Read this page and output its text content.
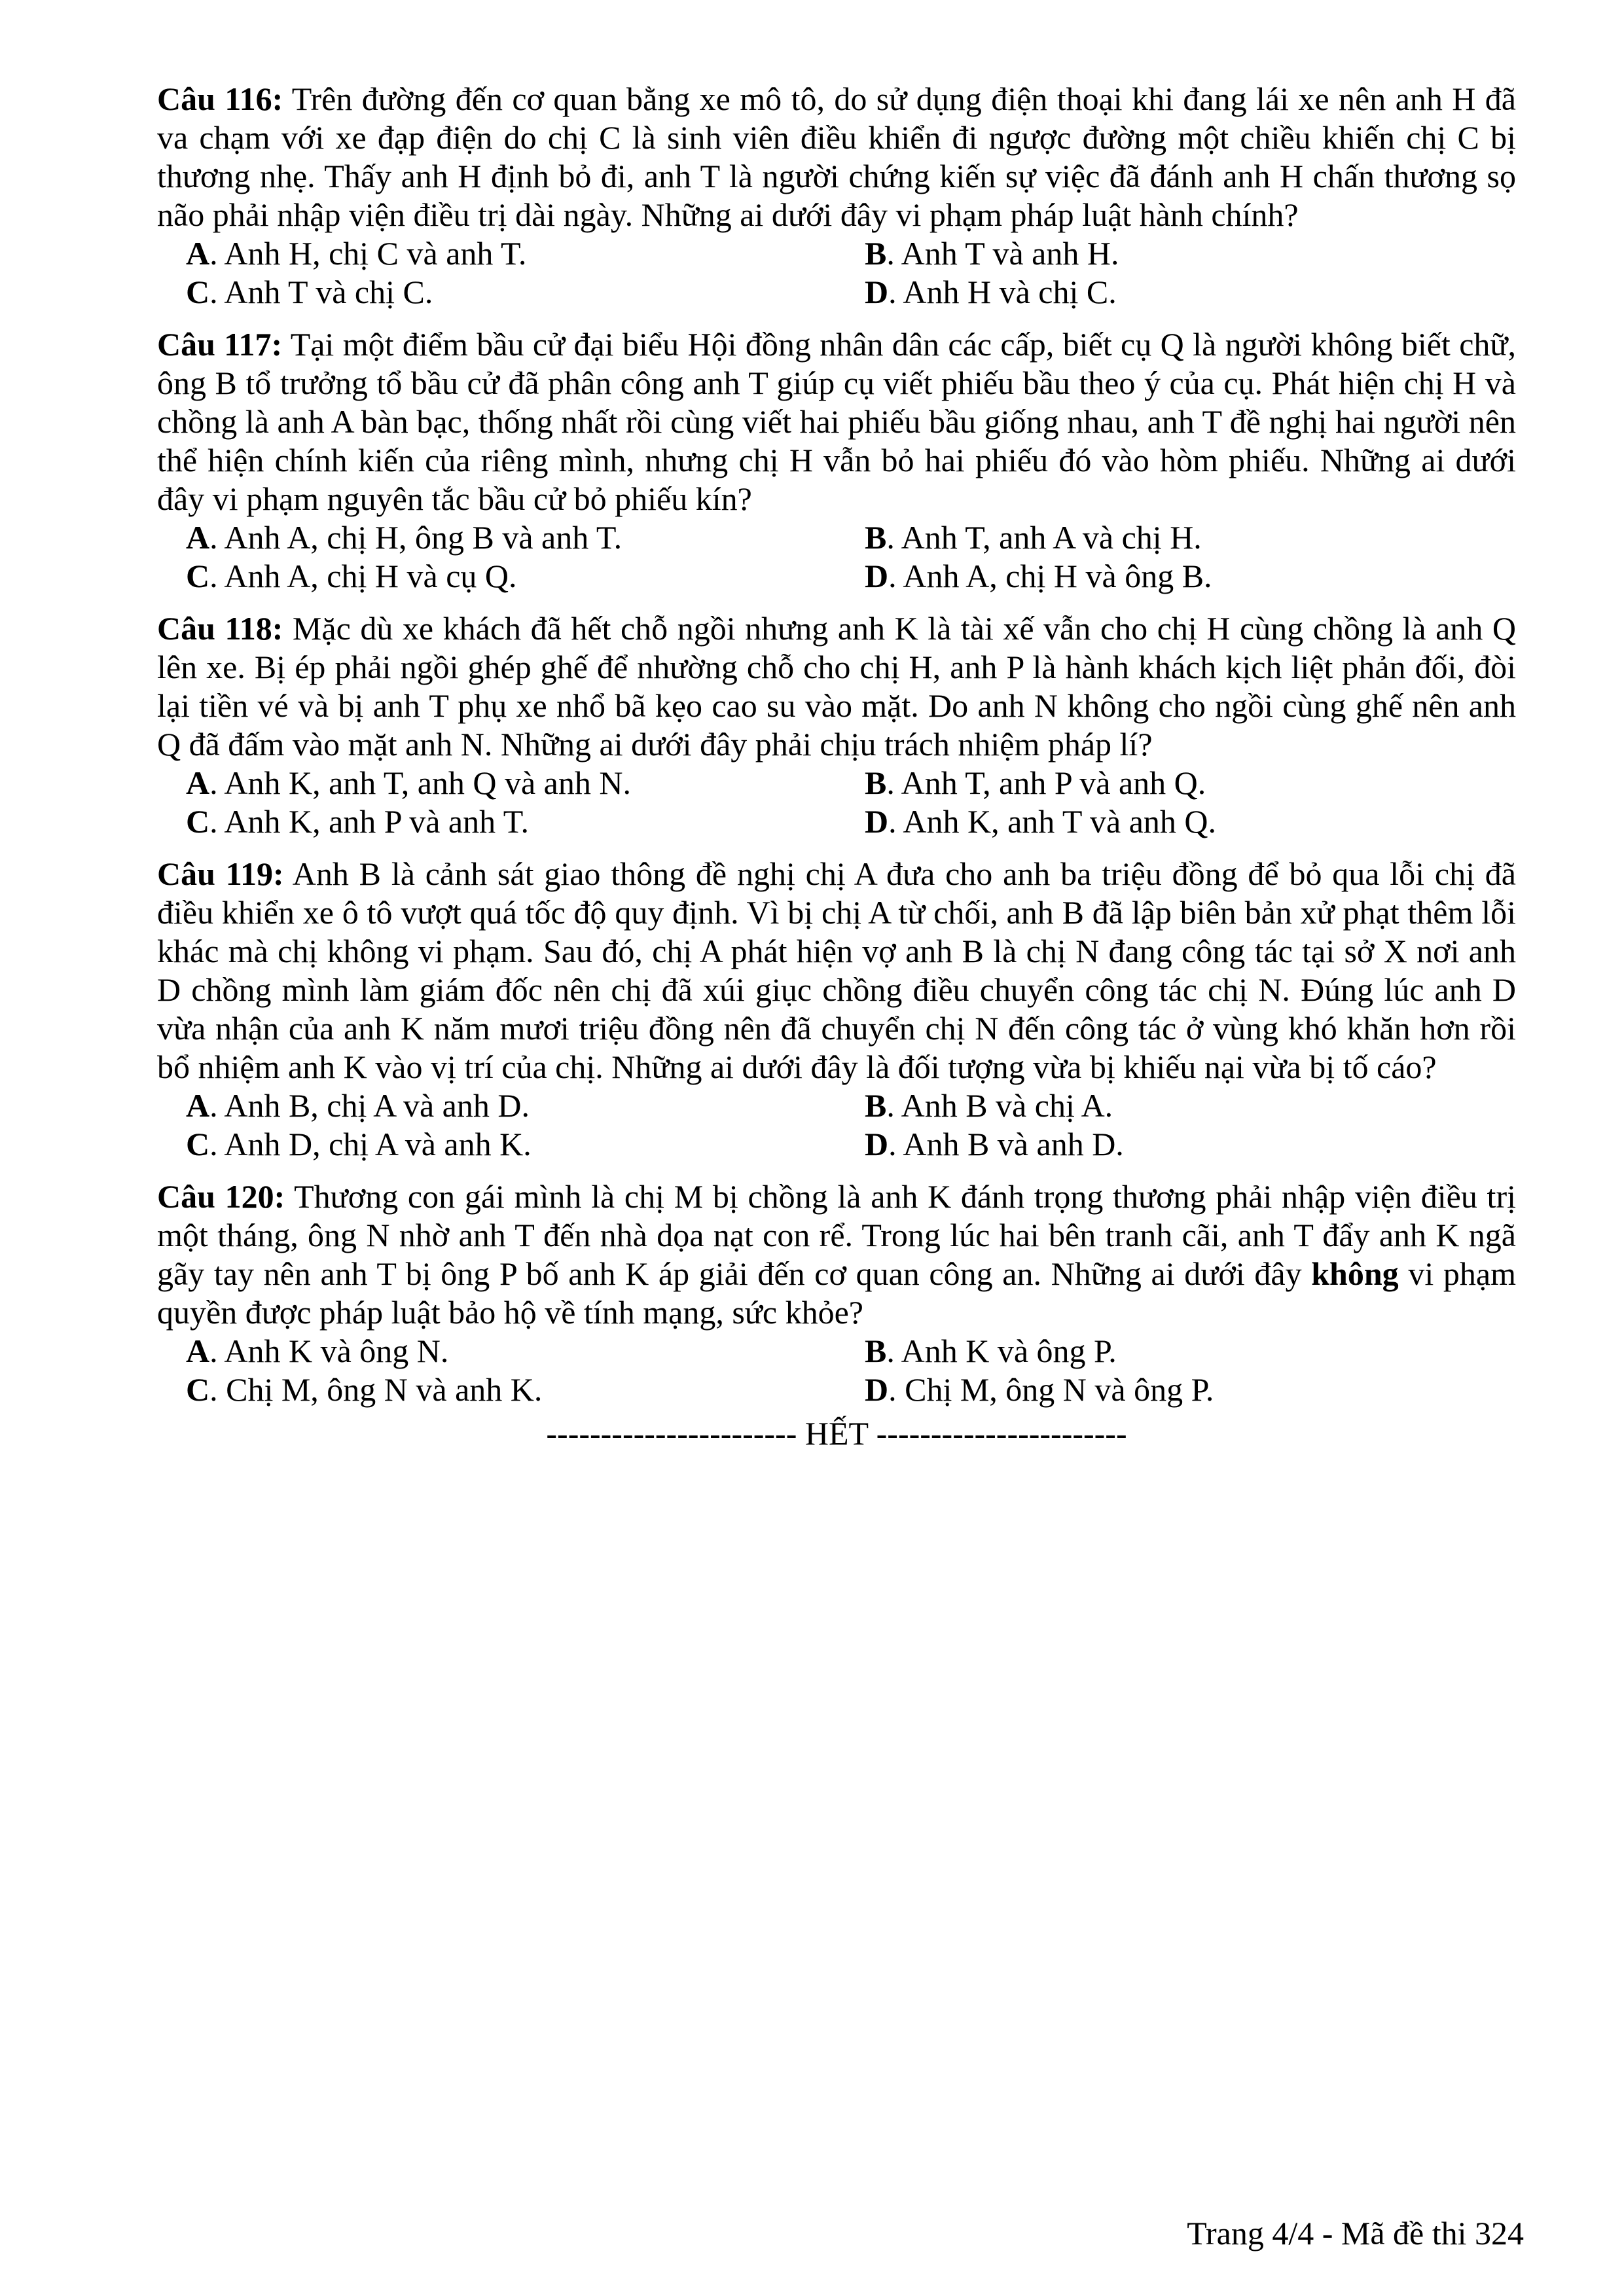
Câu 116: Trên đường đến cơ quan bằng xe mô tô, do sử dụng điện thoại khi đang lái xe nên anh H đã va chạm với xe đạp điện do chị C là sinh viên điều khiển đi ngược đường một chiều khiến chị C bị thương nhẹ. Thấy anh H định bỏ đi, anh T là người chứng kiến sự việc đã đánh anh H chấn thương sọ não phải nhập viện điều trị dài ngày. Những ai dưới đây vi phạm pháp luật hành chính?
A. Anh H, chị C và anh T.	B. Anh T và anh H.
C. Anh T và chị C.	D. Anh H và chị C.
Câu 117: Tại một điểm bầu cử đại biểu Hội đồng nhân dân các cấp, biết cụ Q là người không biết chữ, ông B tổ trưởng tổ bầu cử đã phân công anh T giúp cụ viết phiếu bầu theo ý của cụ. Phát hiện chị H và chồng là anh A bàn bạc, thống nhất rồi cùng viết hai phiếu bầu giống nhau, anh T đề nghị hai người nên thể hiện chính kiến của riêng mình, nhưng chị H vẫn bỏ hai phiếu đó vào hòm phiếu. Những ai dưới đây vi phạm nguyên tắc bầu cử bỏ phiếu kín?
A. Anh A, chị H, ông B và anh T.	B. Anh T, anh A và chị H.
C. Anh A, chị H và cụ Q.	D. Anh A, chị H và ông B.
Câu 118: Mặc dù xe khách đã hết chỗ ngồi nhưng anh K là tài xế vẫn cho chị H cùng chồng là anh Q lên xe. Bị ép phải ngồi ghép ghế để nhường chỗ cho chị H, anh P là hành khách kịch liệt phản đối, đòi lại tiền vé và bị anh T phụ xe nhổ bã kẹo cao su vào mặt. Do anh N không cho ngồi cùng ghế nên anh Q đã đấm vào mặt anh N. Những ai dưới đây phải chịu trách nhiệm pháp lí?
A. Anh K, anh T, anh Q và anh N.	B. Anh T, anh P và anh Q.
C. Anh K, anh P và anh T.	D. Anh K, anh T và anh Q.
Câu 119: Anh B là cảnh sát giao thông đề nghị chị A đưa cho anh ba triệu đồng để bỏ qua lỗi chị đã điều khiển xe ô tô vượt quá tốc độ quy định. Vì bị chị A từ chối, anh B đã lập biên bản xử phạt thêm lỗi khác mà chị không vi phạm. Sau đó, chị A phát hiện vợ anh B là chị N đang công tác tại sở X nơi anh D chồng mình làm giám đốc nên chị đã xúi giục chồng điều chuyển công tác chị N. Đúng lúc anh D vừa nhận của anh K năm mươi triệu đồng nên đã chuyển chị N đến công tác ở vùng khó khăn hơn rồi bổ nhiệm anh K vào vị trí của chị. Những ai dưới đây là đối tượng vừa bị khiếu nại vừa bị tố cáo?
A. Anh B, chị A và anh D.	B. Anh B và chị A.
C. Anh D, chị A và anh K.	D. Anh B và anh D.
Câu 120: Thương con gái mình là chị M bị chồng là anh K đánh trọng thương phải nhập viện điều trị một tháng, ông N nhờ anh T đến nhà dọa nạt con rể. Trong lúc hai bên tranh cãi, anh T đẩy anh K ngã gãy tay nên anh T bị ông P bố anh K áp giải đến cơ quan công an. Những ai dưới đây không vi phạm quyền được pháp luật bảo hộ về tính mạng, sức khỏe?
A. Anh K và ông N.	B. Anh K và ông P.
C. Chị M, ông N và anh K.	D. Chị M, ông N và ông P.
----------------------- HẾT -----------------------
Trang 4/4 - Mã đề thi 324
